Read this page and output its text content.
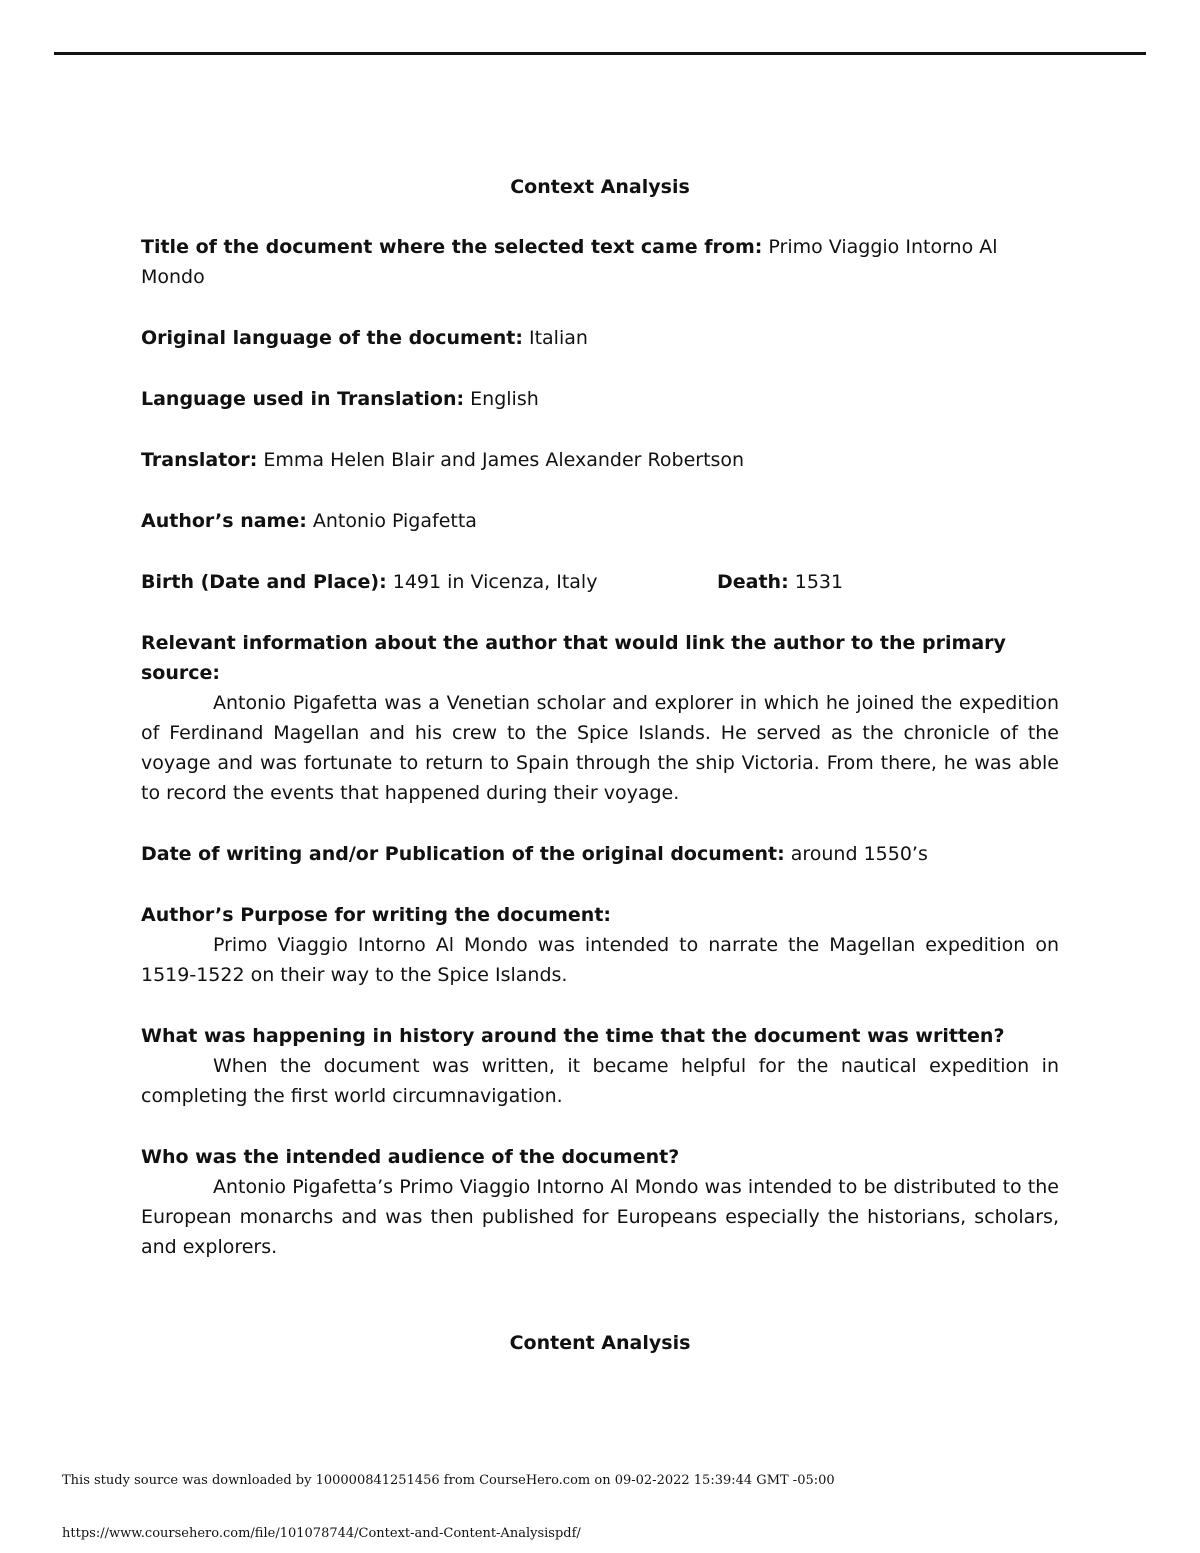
Context Analysis
Title of the document where the selected text came from: Primo Viaggio Intorno Al Mondo
Original language of the document: Italian
Language used in Translation: English
Translator: Emma Helen Blair and James Alexander Robertson
Author’s name: Antonio Pigafetta
Birth (Date and Place): 1491 in Vicenza, Italy	Death: 1531
Relevant information about the author that would link the author to the primary source:

Antonio Pigafetta was a Venetian scholar and explorer in which he joined the expedition of Ferdinand Magellan and his crew to the Spice Islands. He served as the chronicle of the voyage and was fortunate to return to Spain through the ship Victoria. From there, he was able to record the events that happened during their voyage.

Date of writing and/or Publication of the original document: around 1550’s
Author’s Purpose for writing the document:

Primo Viaggio Intorno Al Mondo was intended to narrate the Magellan expedition on 1519-1522 on their way to the Spice Islands.

What was happening in history around the time that the document was written?

When the document was written, it became helpful for the nautical expedition in completing the first world circumnavigation.

Who was the intended audience of the document?

Antonio Pigafetta’s Primo Viaggio Intorno Al Mondo was intended to be distributed to the European monarchs and was then published for Europeans especially the historians, scholars, and explorers.

Content Analysis
This study source was downloaded by 100000841251456 from CourseHero.com on 09-02-2022 15:39:44 GMT -05:00
https://www.coursehero.com/file/101078744/Context-and-Content-Analysispdf/
